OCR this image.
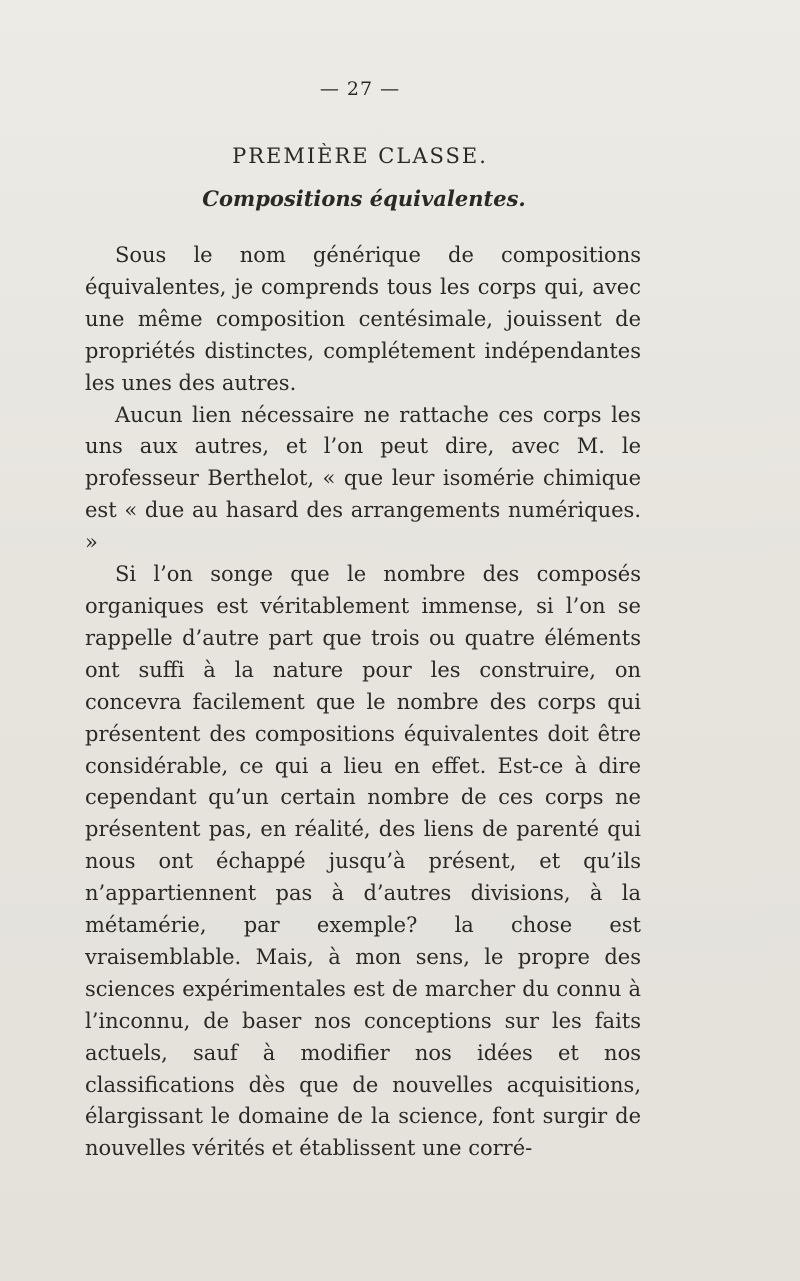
— 27 —
PREMIÈRE CLASSE.
Compositions équivalentes.

Sous le nom générique de compositions équivalentes, je comprends tous les corps qui, avec une même composition centésimale, jouissent de propriétés distinctes, complétement indépendantes les unes des autres.

Aucun lien nécessaire ne rattache ces corps les uns aux autres, et l’on peut dire, avec M. le professeur Berthelot, « que leur isomérie chimique est « due au hasard des arrangements numériques. »

Si l’on songe que le nombre des composés organiques est véritablement immense, si l’on se rappelle d’autre part que trois ou quatre éléments ont suffi à la nature pour les construire, on concevra facilement que le nombre des corps qui présentent des compositions équivalentes doit être considérable, ce qui a lieu en effet. Est-ce à dire cependant qu’un certain nombre de ces corps ne présentent pas, en réalité, des liens de parenté qui nous ont échappé jusqu’à présent, et qu’ils n’appartiennent pas à d’autres divisions, à la métamérie, par exemple? la chose est vraisemblable. Mais, à mon sens, le propre des sciences expérimentales est de marcher du connu à l’inconnu, de baser nos conceptions sur les faits actuels, sauf à modifier nos idées et nos classifications dès que de nouvelles acquisitions, élargissant le domaine de la science, font surgir de nouvelles vérités et établissent une corré-
